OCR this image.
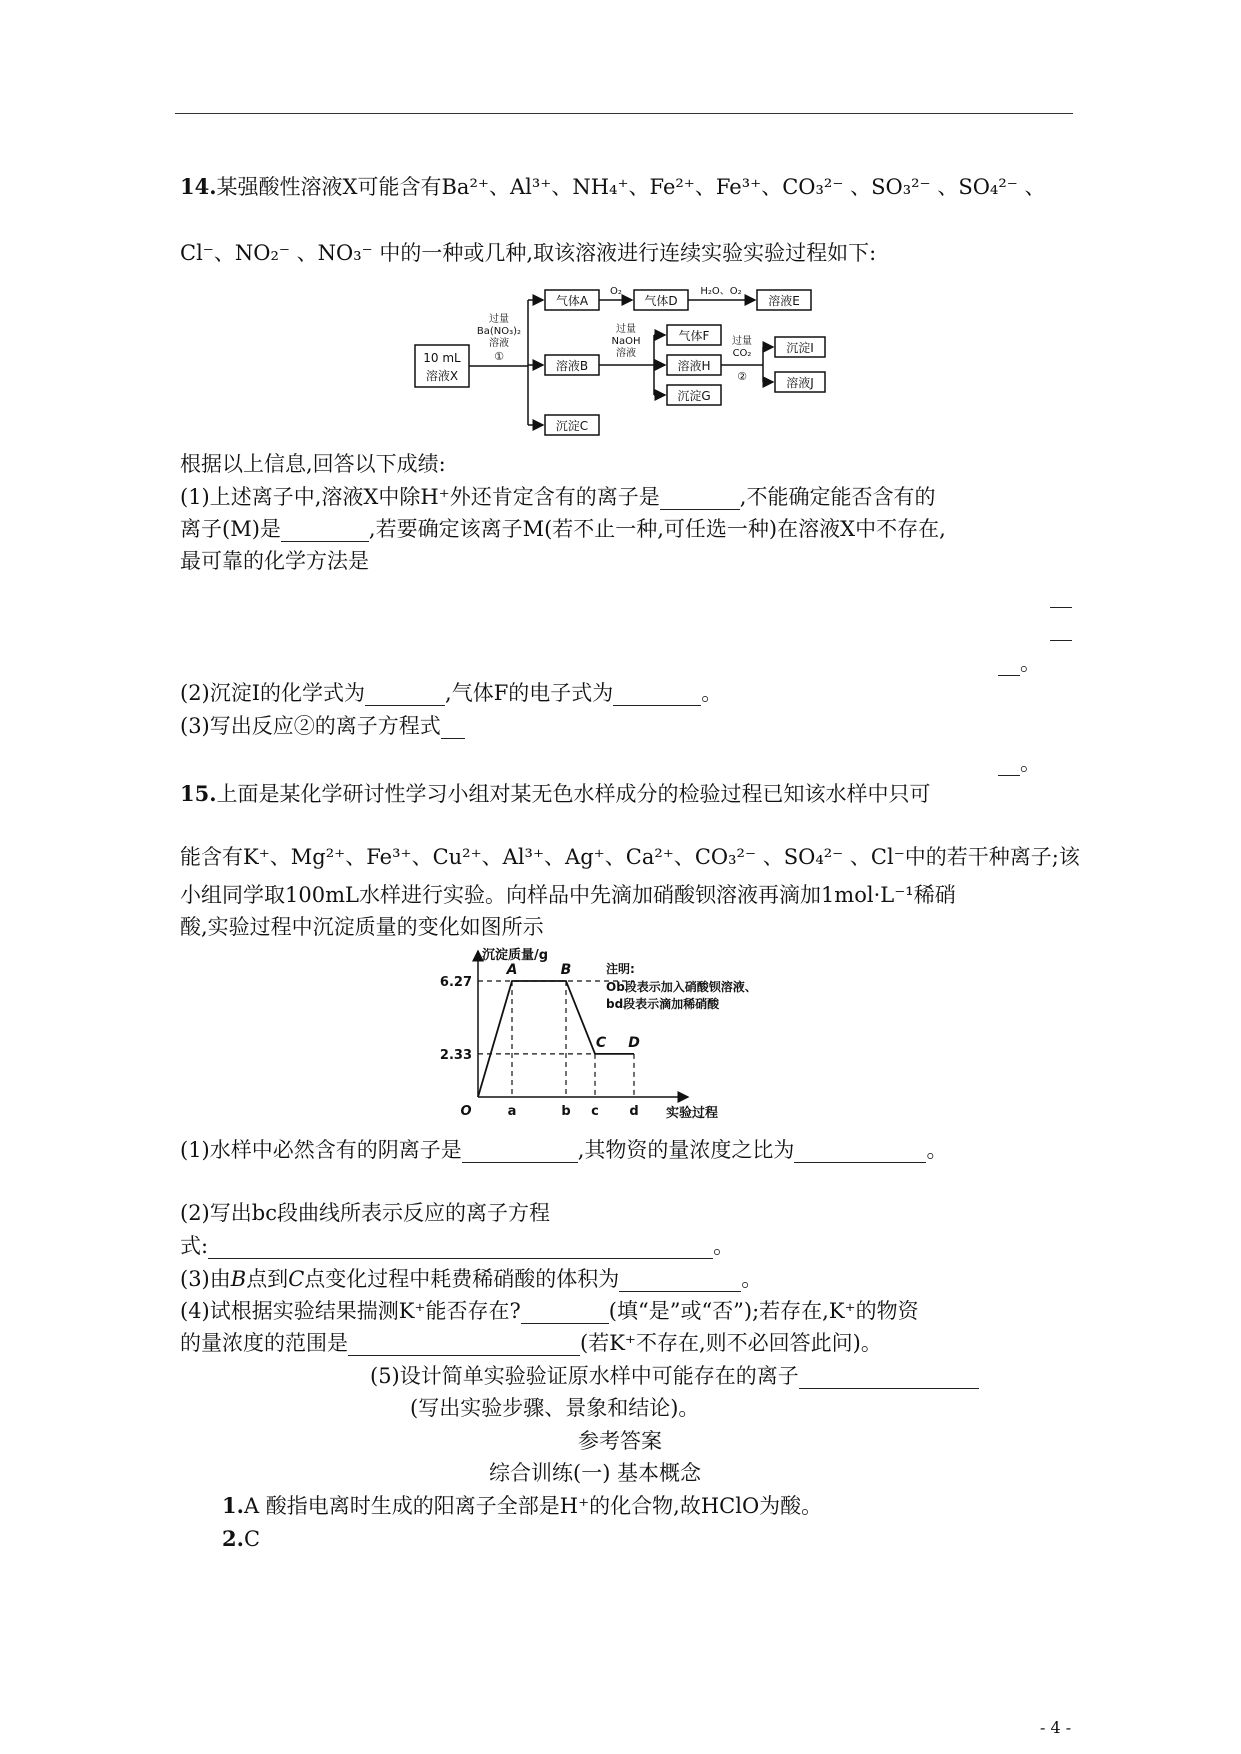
14.某强酸性溶液X可能含有Ba²⁺、Al³⁺、NH₄⁺、Fe²⁺、Fe³⁺、CO₃²⁻ 、SO₃²⁻ 、SO₄²⁻ 、
Cl⁻、NO₂⁻ 、NO₃⁻ 中的一种或几种,取该溶液进行连续实验实验过程如下:
10 mL
溶液X
过量
Ba(NO₃)₂
溶液
①
气体A
O₂
气体D
H₂O、O₂
溶液E
溶液B
沉淀C
过量
NaOH
溶液
气体F
溶液H
沉淀G
过量
CO₂
②
沉淀I
溶液J
根据以上信息,回答以下成绩:
(1)上述离子中,溶液X中除H⁺外还肯定含有的离子是	,不能确定能否含有的
离子(M)是	,若要确定该离子M(若不止一种,可任选一种)在溶液X中不存在,
最可靠的化学方法是
。
(2)沉淀I的化学式为	,气体F的电子式为	。
(3)写出反应②的离子方程式
。
15.上面是某化学研讨性学习小组对某无色水样成分的检验过程已知该水样中只可
能含有K⁺、Mg²⁺、Fe³⁺、Cu²⁺、Al³⁺、Ag⁺、Ca²⁺、CO₃²⁻ 、SO₄²⁻ 、Cl⁻中的若干种离子;该
小组同学取100mL水样进行实验。向样品中先滴加硝酸钡溶液再滴加1mol·L⁻¹稀硝
酸,实验过程中沉淀质量的变化如图所示
2.33
6.27
O	a	b c d
A	B
C D
沉淀质量/g
实验过程
注明:
Ob段表示加入硝酸钡溶液、
bd段表示滴加稀硝酸
(1)水样中必然含有的阴离子是	,其物资的量浓度之比为	。
(2)写出bc段曲线所表示反应的离子方程
式:	。
(3)由B点到C点变化过程中耗费稀硝酸的体积为	。
(4)试根据实验结果揣测K⁺能否存在?	(填“是”或“否”);若存在,K⁺的物资
的量浓度的范围是	(若K⁺不存在,则不必回答此问)。
(5)设计简单实验验证原水样中可能存在的离子
(写出实验步骤、景象和结论)。
参考答案
综合训练(一) 基本概念
1.A 酸指电离时生成的阳离子全部是H⁺的化合物,故HClO为酸。
2.C
- 4 -
